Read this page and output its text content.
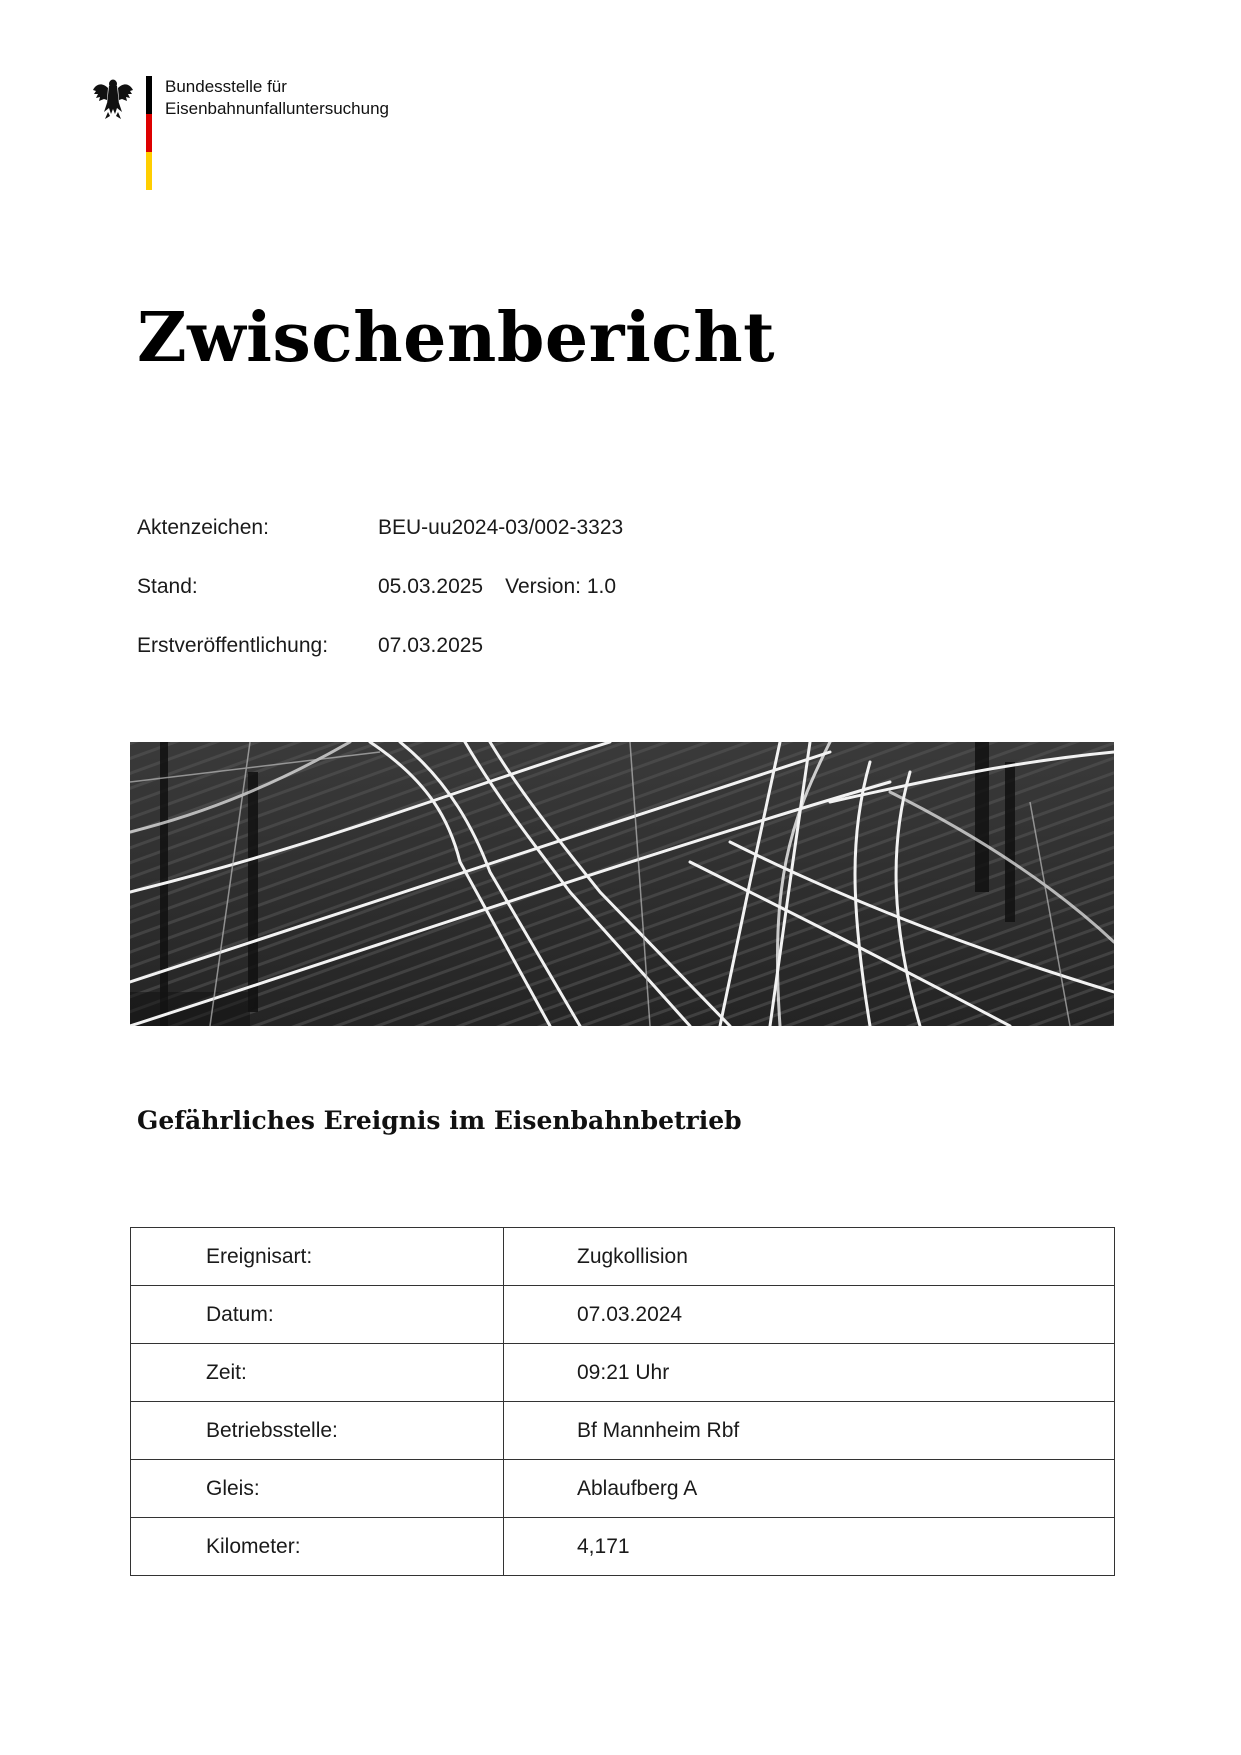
Bundesstelle für
Eisenbahnunfalluntersuchung
Zwischenbericht
Aktenzeichen:	BEU-uu2024-03/002-3323
Stand:	05.03.2025 Version: 1.0
Erstveröffentlichung: 07.03.2025
Gefährliches Ereignis im Eisenbahnbetrieb
Ereignisart:	Zugkollision
Datum:	07.03.2024
Zeit:	09:21 Uhr
Betriebsstelle:	Bf Mannheim Rbf
Gleis:	Ablaufberg A
Kilometer:	4,171
